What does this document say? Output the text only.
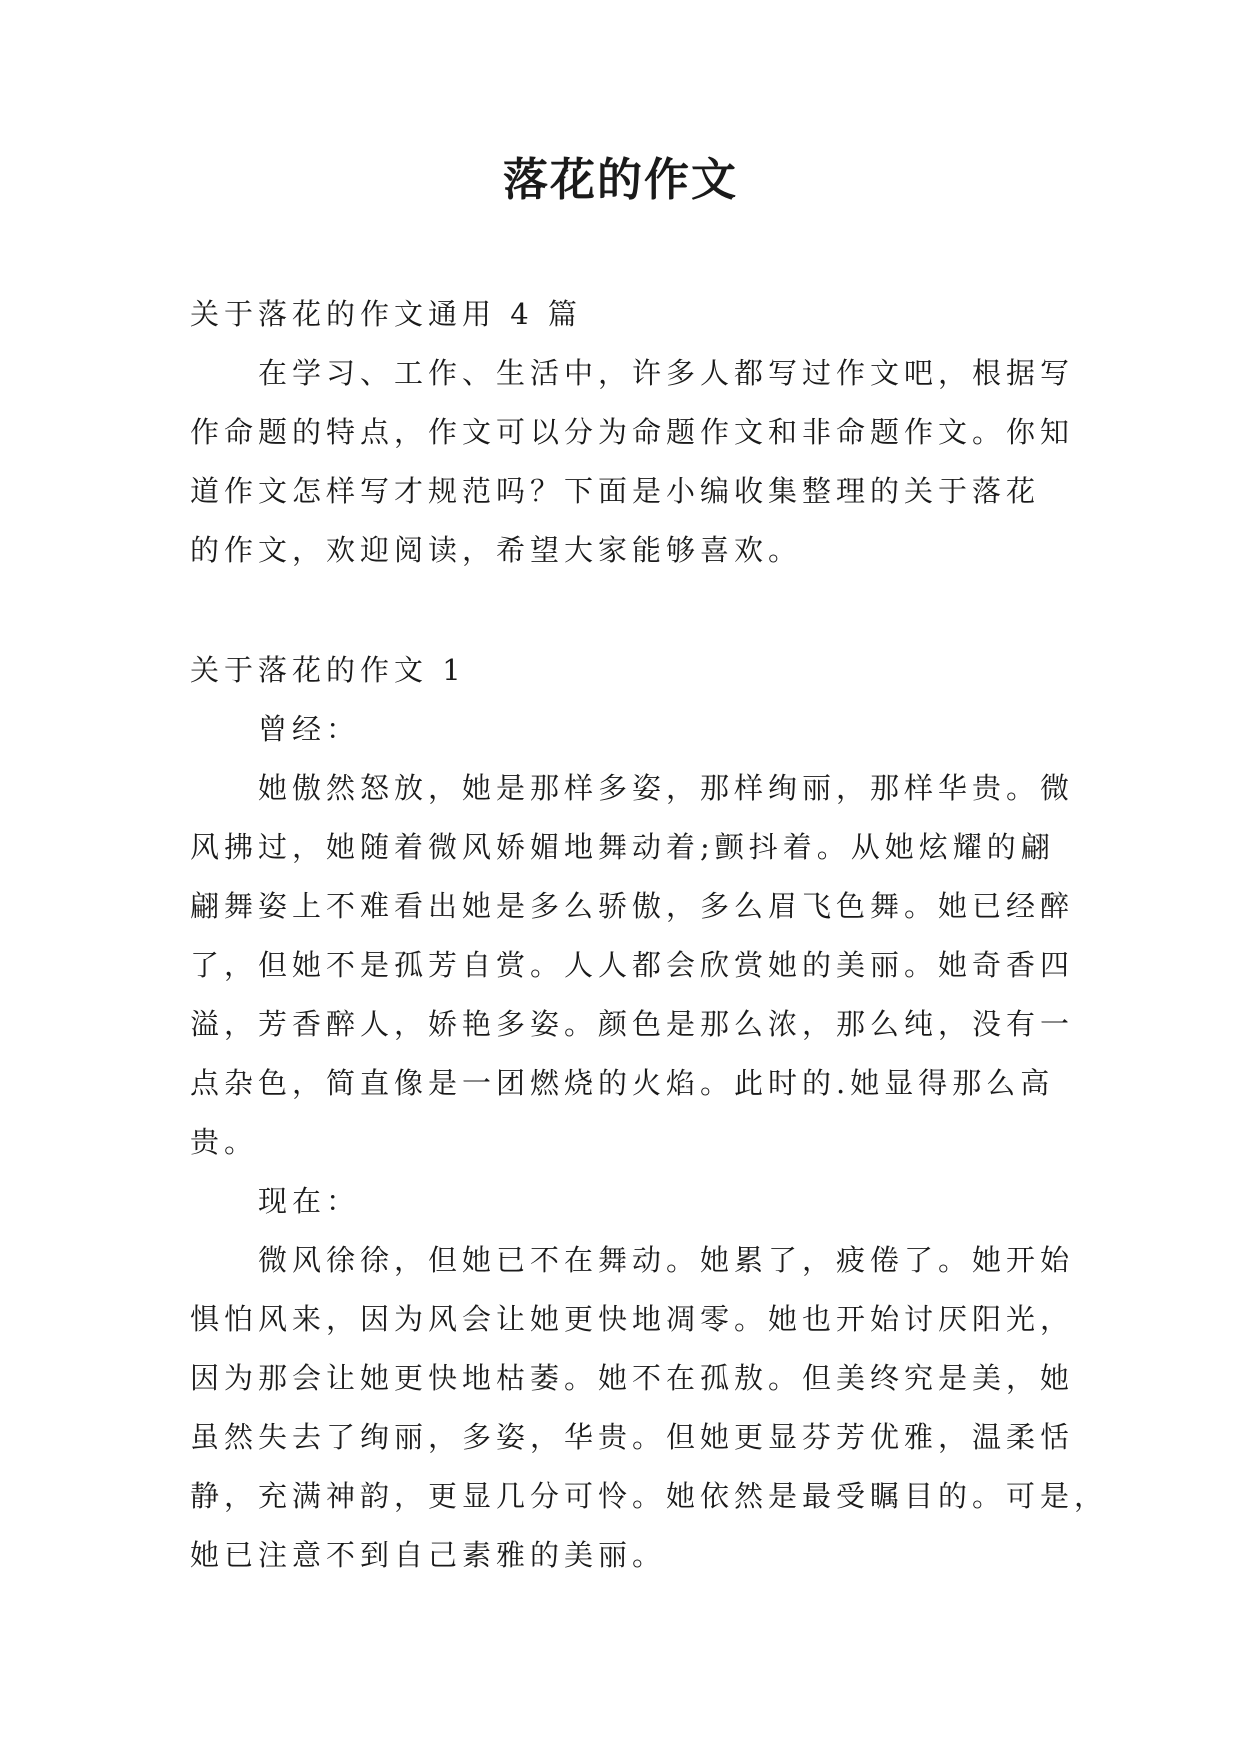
落花的作文
关于落花的作文通用 4 篇
在学习、工作、生活中，许多人都写过作文吧，根据写
作命题的特点，作文可以分为命题作文和非命题作文。你知
道作文怎样写才规范吗？下面是小编收集整理的关于落花
的作文，欢迎阅读，希望大家能够喜欢。
关于落花的作文 1
曾经：
她傲然怒放，她是那样多姿，那样绚丽，那样华贵。微
风拂过，她随着微风娇媚地舞动着;颤抖着。从她炫耀的翩
翩舞姿上不难看出她是多么骄傲，多么眉飞色舞。她已经醉
了，但她不是孤芳自赏。人人都会欣赏她的美丽。她奇香四
溢，芳香醉人，娇艳多姿。颜色是那么浓，那么纯，没有一
点杂色，简直像是一团燃烧的火焰。此时的.她显得那么高
贵。
现在：
微风徐徐，但她已不在舞动。她累了，疲倦了。她开始
惧怕风来，因为风会让她更快地凋零。她也开始讨厌阳光，
因为那会让她更快地枯萎。她不在孤敖。但美终究是美，她
虽然失去了绚丽，多姿，华贵。但她更显芬芳优雅，温柔恬
静，充满神韵，更显几分可怜。她依然是最受瞩目的。可是，
她已注意不到自己素雅的美丽。
